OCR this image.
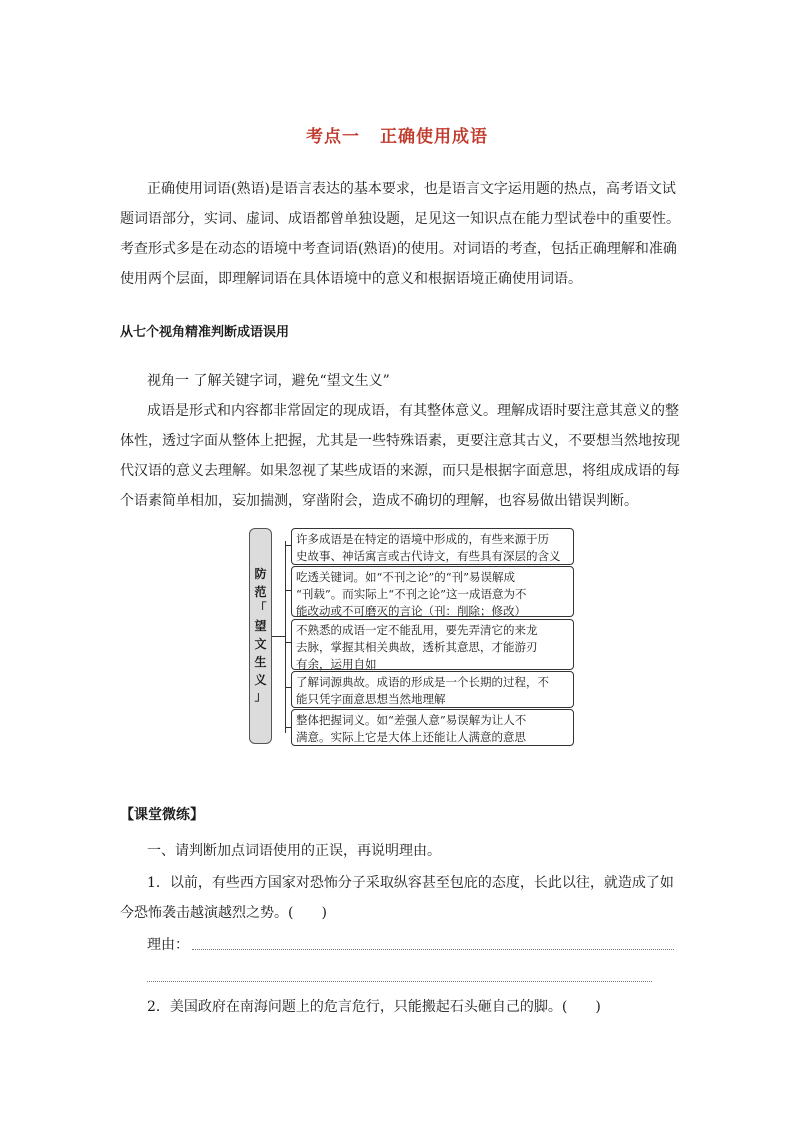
考点一 正确使用成语
正确使用词语(熟语)是语言表达的基本要求，也是语言文字运用题的热点，高考语文试
题词语部分，实词、虚词、成语都曾单独设题，足见这一知识点在能力型试卷中的重要性。
考查形式多是在动态的语境中考查词语(熟语)的使用。对词语的考查，包括正确理解和准确
使用两个层面，即理解词语在具体语境中的意义和根据语境正确使用词语。
从七个视角精准判断成语误用
视角一 了解关键字词，避免“望文生义”
成语是形式和内容都非常固定的现成语，有其整体意义。理解成语时要注意其意义的整
体性，透过字面从整体上把握，尤其是一些特殊语素，更要注意其古义，不要想当然地按现
代汉语的意义去理解。如果忽视了某些成语的来源，而只是根据字面意思，将组成成语的每
个语素简单相加，妄加揣测，穿凿附会，造成不确切的理解，也容易做出错误判断。
防
范
「
望
文
生
义
」
许多成语是在特定的语境中形成的，有些来源于历
史故事、神话寓言或古代诗文，有些具有深层的含义
吃透关键词。如“不刊之论”的“刊”易误解成
“刊载”。而实际上“不刊之论”这一成语意为不
能改动或不可磨灭的言论（刊：削除；修改）
不熟悉的成语一定不能乱用，要先弄清它的来龙
去脉，掌握其相关典故，透析其意思，才能游刃
有余，运用自如
了解词源典故。成语的形成是一个长期的过程，不
能只凭字面意思想当然地理解
整体把握词义。如“差强人意”易误解为让人不
满意。实际上它是大体上还能让人满意的意思
【课堂微练】
一、请判断加点词语使用的正误，再说明理由。
1．以前，有些西方国家对恐怖分子采取纵容甚至包庇的态度，长此以往，就造成了如
今恐怖袭击越演越烈之势。( )
理由：
2．美国政府在南海问题上的危言危行，只能搬起石头砸自己的脚。( )
